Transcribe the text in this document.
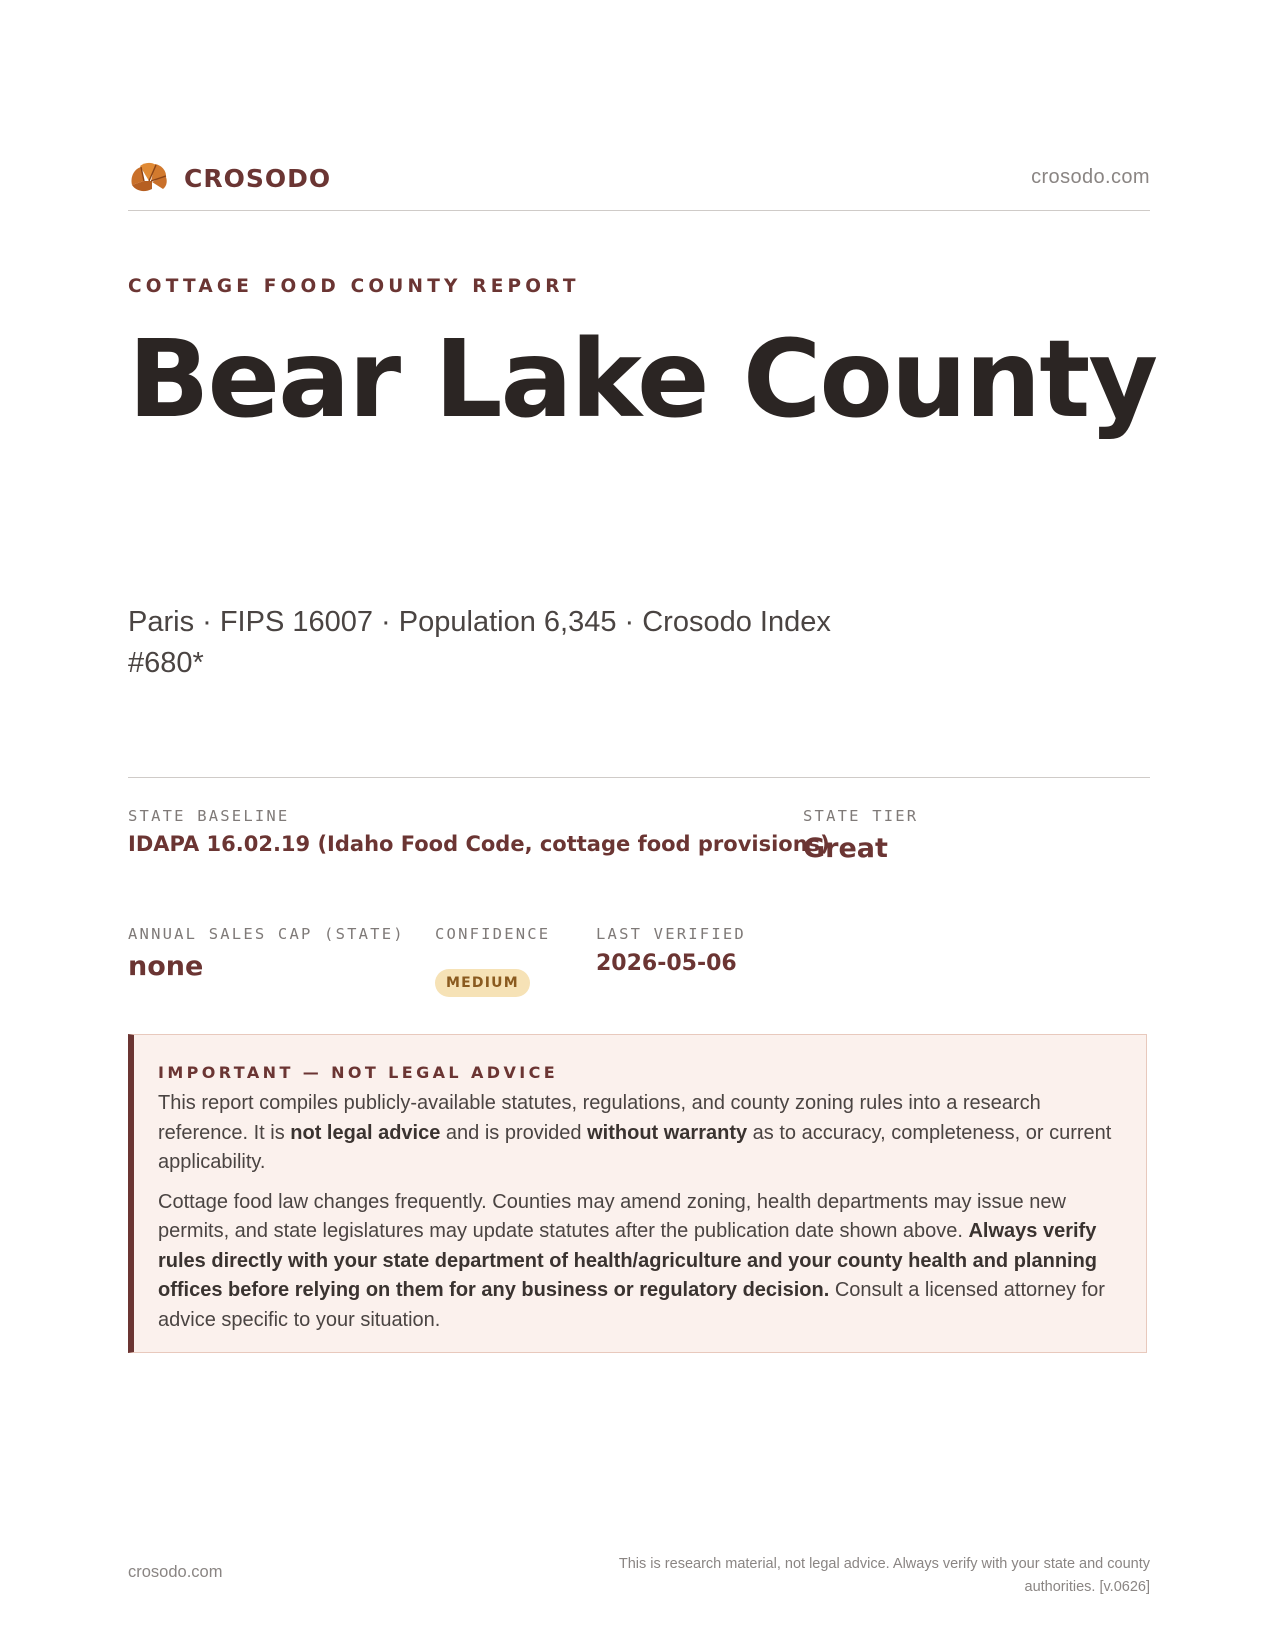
CROSODO	crosodo.com
COTTAGE FOOD COUNTY REPORT
Bear Lake County
Paris · FIPS 16007 · Population 6,345 · Crosodo Index #680*
STATE BASELINE
IDAPA 16.02.19 (Idaho Food Code, cottage food provisions)
STATE TIER
Great
ANNUAL SALES CAP (STATE)
none
CONFIDENCE
MEDIUM
LAST VERIFIED
2026-05-06
IMPORTANT — NOT LEGAL ADVICE

This report compiles publicly-available statutes, regulations, and county zoning rules into a research reference. It is not legal advice and is provided without warranty as to accuracy, completeness, or current applicability.

Cottage food law changes frequently. Counties may amend zoning, health departments may issue new permits, and state legislatures may update statutes after the publication date shown above. Always verify rules directly with your state department of health/agriculture and your county health and planning offices before relying on them for any business or regulatory decision. Consult a licensed attorney for advice specific to your situation.

crosodo.com	This is research material, not legal advice. Always verify with your state and county authorities. [v.0626]
